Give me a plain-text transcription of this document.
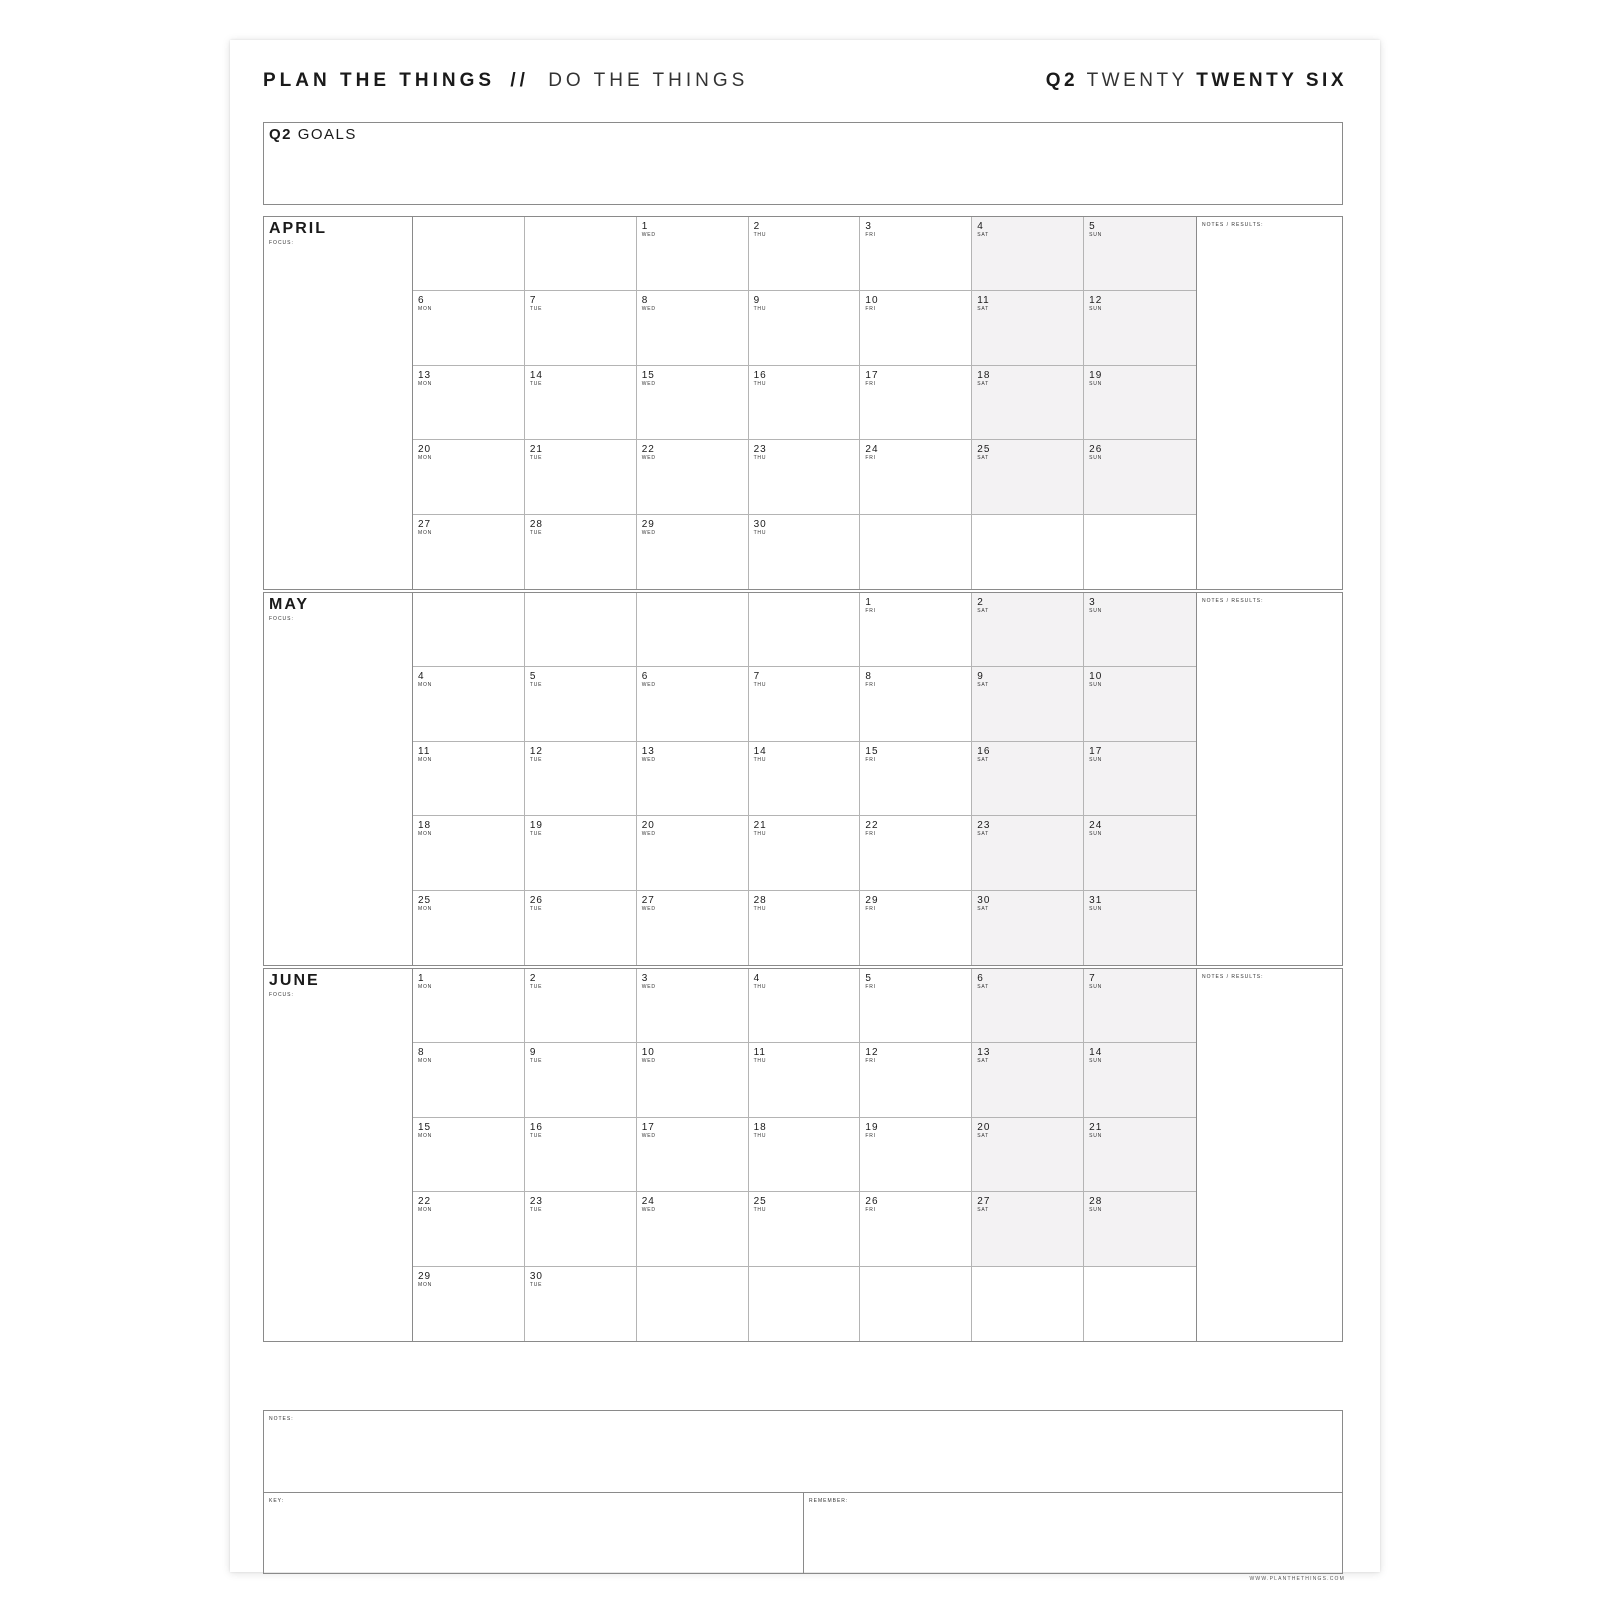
PLAN THE THINGS // DO THE THINGS	Q2 TWENTY TWENTY SIX
Q2 GOALS
APRIL
FOCUS:
1
WED
2
THU
3
FRI
4
SAT
5
SUN
6
MON
7
TUE
8
WED
9
THU
10
FRI
11
SAT
12
SUN
13
MON
14
TUE
15
WED
16
THU
17
FRI
18
SAT
19
SUN
20
MON
21
TUE
22
WED
23
THU
24
FRI
25
SAT
26
SUN
27
MON
28
TUE
29
WED
30
THU
NOTES / RESULTS:
MAY
FOCUS:
1
FRI
2
SAT
3
SUN
4
MON
5
TUE
6
WED
7
THU
8
FRI
9
SAT
10
SUN
11
MON
12
TUE
13
WED
14
THU
15
FRI
16
SAT
17
SUN
18
MON
19
TUE
20
WED
21
THU
22
FRI
23
SAT
24
SUN
25
MON
26
TUE
27
WED
28
THU
29
FRI
30
SAT
31
SUN
NOTES / RESULTS:
JUNE
FOCUS:
1
MON
2
TUE
3
WED
4
THU
5
FRI
6
SAT
7
SUN
8
MON
9
TUE
10
WED
11
THU
12
FRI
13
SAT
14
SUN
15
MON
16
TUE
17
WED
18
THU
19
FRI
20
SAT
21
SUN
22
MON
23
TUE
24
WED
25
THU
26
FRI
27
SAT
28
SUN
29
MON
30
TUE
NOTES / RESULTS:
NOTES:
KEY:	REMEMBER:
WWW.PLANTHETHINGS.COM
